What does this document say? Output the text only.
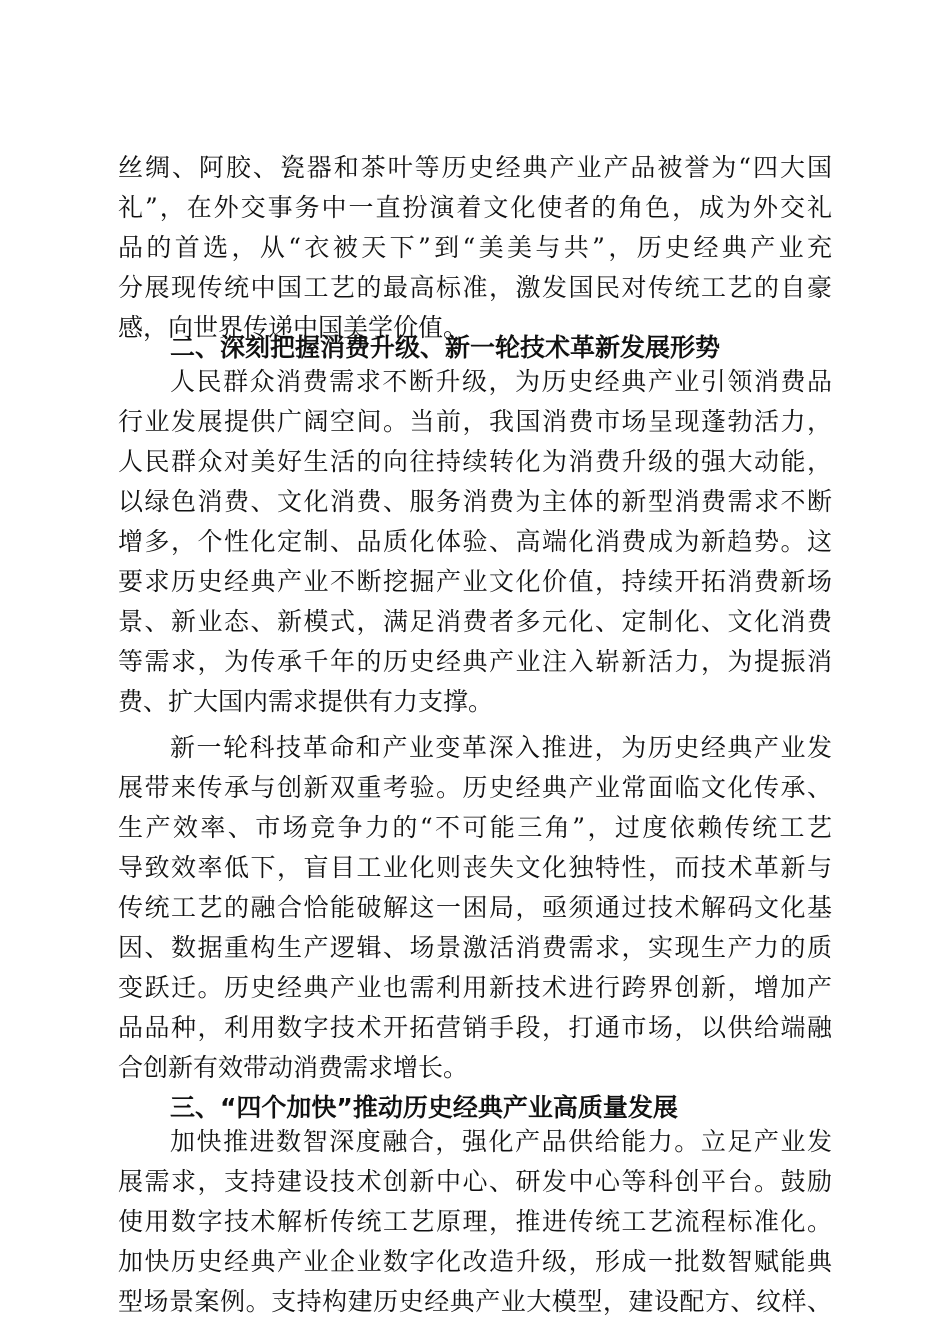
丝绸、阿胶、瓷器和茶叶等历史经典产业产品被誉为“四大国
礼”，在外交事务中一直扮演着文化使者的角色，成为外交礼
品的首选，从“衣被天下”到“美美与共”，历史经典产业充
分展现传统中国工艺的最高标准，激发国民对传统工艺的自豪
感，向世界传递中国美学价值。
二、深刻把握消费升级、新一轮技术革新发展形势
人民群众消费需求不断升级，为历史经典产业引领消费品
行业发展提供广阔空间。当前，我国消费市场呈现蓬勃活力，
人民群众对美好生活的向往持续转化为消费升级的强大动能，
以绿色消费、文化消费、服务消费为主体的新型消费需求不断
增多，个性化定制、品质化体验、高端化消费成为新趋势。这
要求历史经典产业不断挖掘产业文化价值，持续开拓消费新场
景、新业态、新模式，满足消费者多元化、定制化、文化消费
等需求，为传承千年的历史经典产业注入崭新活力，为提振消
费、扩大国内需求提供有力支撑。
新一轮科技革命和产业变革深入推进，为历史经典产业发
展带来传承与创新双重考验。历史经典产业常面临文化传承、
生产效率、市场竞争力的“不可能三角”，过度依赖传统工艺
导致效率低下，盲目工业化则丧失文化独特性，而技术革新与
传统工艺的融合恰能破解这一困局，亟须通过技术解码文化基
因、数据重构生产逻辑、场景激活消费需求，实现生产力的质
变跃迁。历史经典产业也需利用新技术进行跨界创新，增加产
品品种，利用数字技术开拓营销手段，打通市场，以供给端融
合创新有效带动消费需求增长。
三、“四个加快”推动历史经典产业高质量发展
加快推进数智深度融合，强化产品供给能力。立足产业发
展需求，支持建设技术创新中心、研发中心等科创平台。鼓励
使用数字技术解析传统工艺原理，推进传统工艺流程标准化。
加快历史经典产业企业数字化改造升级，形成一批数智赋能典
型场景案例。支持构建历史经典产业大模型，建设配方、纹样、
